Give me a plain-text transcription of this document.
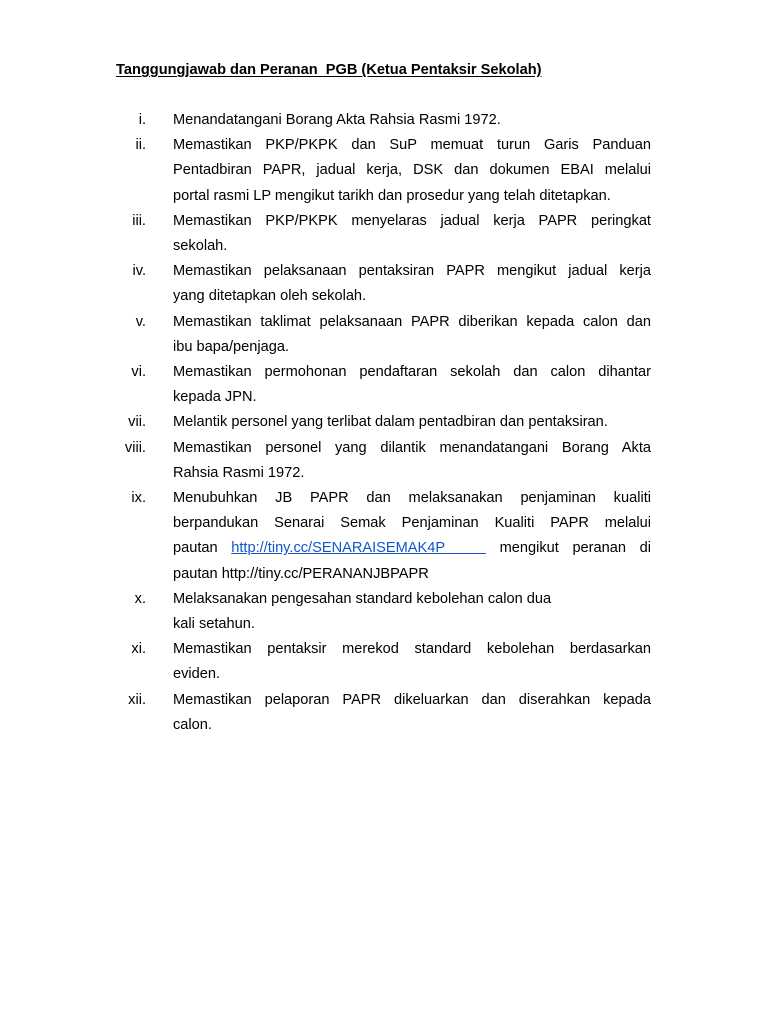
Tanggungjawab dan Peranan  PGB (Ketua Pentaksir Sekolah)
i. Menandatangani Borang Akta Rahsia Rasmi 1972.
ii. Memastikan PKP/PKPK dan SuP memuat turun Garis Panduan
Pentadbiran PAPR, jadual kerja, DSK dan dokumen EBAI melalui
portal rasmi LP mengikut tarikh dan prosedur yang telah ditetapkan.
iii. Memastikan PKP/PKPK menyelaras jadual kerja PAPR peringkat
sekolah.
iv. Memastikan pelaksanaan pentaksiran PAPR mengikut jadual kerja
yang ditetapkan oleh sekolah.
v. Memastikan taklimat pelaksanaan PAPR diberikan kepada calon dan
ibu bapa/penjaga.
vi. Memastikan permohonan pendaftaran sekolah dan calon dihantar
kepada JPN.
vii. Melantik personel yang terlibat dalam pentadbiran dan pentaksiran.
viii. Memastikan personel yang dilantik menandatangani Borang Akta
Rahsia Rasmi 1972.
ix. Menubuhkan JB PAPR dan melaksanakan penjaminan kualiti
berpandukan Senarai Semak Penjaminan Kualiti PAPR melalui
pautan http://tiny.cc/SENARAISEMAK4P	mengikut peranan di
pautan http://tiny.cc/PERANANJBPAPR
x. Melaksanakan pengesahan standard kebolehan calon dua
kali setahun.
xi. Memastikan pentaksir merekod standard kebolehan berdasarkan
eviden.
xii. Memastikan pelaporan PAPR dikeluarkan dan diserahkan kepada
calon.
